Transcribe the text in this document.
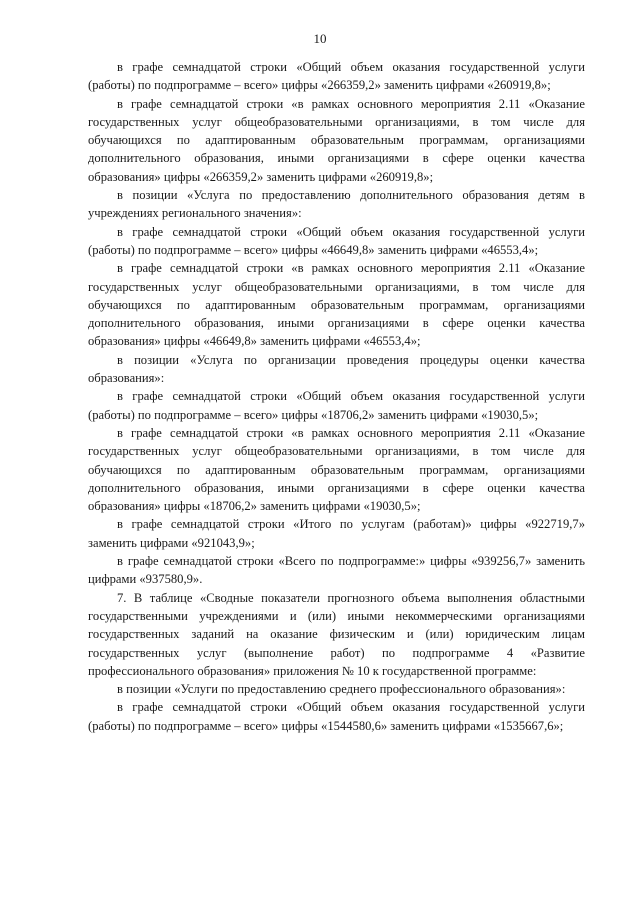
10

в графе семнадцатой строки «Общий объем оказания государственной услуги (работы) по подпрограмме – всего» цифры «266359,2» заменить цифрами «260919,8»;

в графе семнадцатой строки «в рамках основного мероприятия 2.11 «Оказание государственных услуг общеобразовательными организациями, в том числе для обучающихся по адаптированным образовательным программам, организациями дополнительного образования, иными организациями в сфере оценки качества образования» цифры «266359,2» заменить цифрами «260919,8»;

в позиции «Услуга по предоставлению дополнительного образования детям в учреждениях регионального значения»:

в графе семнадцатой строки «Общий объем оказания государственной услуги (работы) по подпрограмме – всего» цифры «46649,8» заменить цифрами «46553,4»;

в графе семнадцатой строки «в рамках основного мероприятия 2.11 «Оказание государственных услуг общеобразовательными организациями, в том числе для обучающихся по адаптированным образовательным программам, организациями дополнительного образования, иными организациями в сфере оценки качества образования» цифры «46649,8» заменить цифрами «46553,4»;

в позиции «Услуга по организации проведения процедуры оценки качества образования»:

в графе семнадцатой строки «Общий объем оказания государственной услуги (работы) по подпрограмме – всего» цифры «18706,2» заменить цифрами «19030,5»;

в графе семнадцатой строки «в рамках основного мероприятия 2.11 «Оказание государственных услуг общеобразовательными организациями, в том числе для обучающихся по адаптированным образовательным программам, организациями дополнительного образования, иными организациями в сфере оценки качества образования» цифры «18706,2» заменить цифрами «19030,5»;

в графе семнадцатой строки «Итого по услугам (работам)» цифры «922719,7» заменить цифрами «921043,9»;

в графе семнадцатой строки «Всего по подпрограмме:» цифры «939256,7» заменить цифрами «937580,9».

7. В таблице «Сводные показатели прогнозного объема выполнения областными государственными учреждениями и (или) иными некоммерческими организациями государственных заданий на оказание физическим и (или) юридическим лицам государственных услуг (выполнение работ) по подпрограмме 4 «Развитие профессионального образования» приложения № 10 к государственной программе:

в позиции «Услуги по предоставлению среднего профессионального образования»:

в графе семнадцатой строки «Общий объем оказания государственной услуги (работы) по подпрограмме – всего» цифры «1544580,6» заменить цифрами «1535667,6»;
